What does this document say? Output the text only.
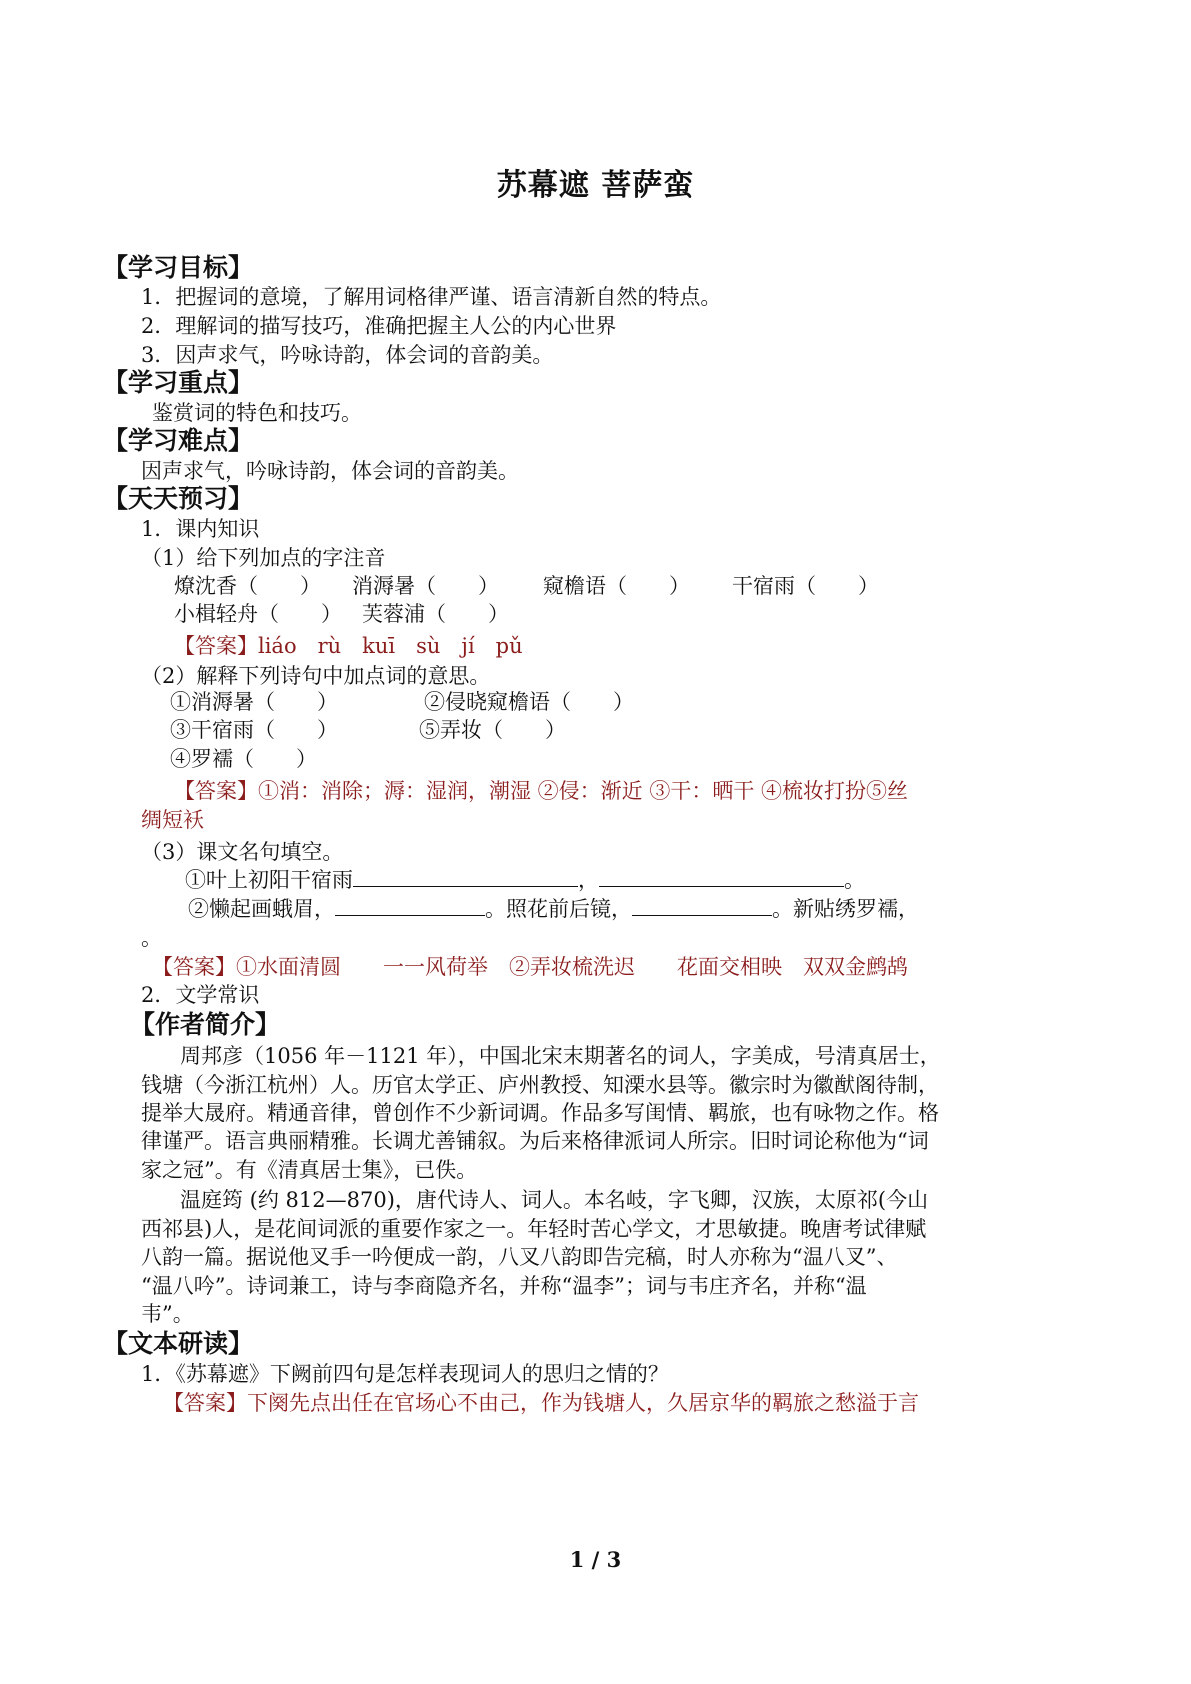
苏幕遮 菩萨蛮
【学习目标】
1．把握词的意境，了解用词格律严谨、语言清新自然的特点。
2．理解词的描写技巧，准确把握主人公的内心世界
3．因声求气，吟咏诗韵，体会词的音韵美。
【学习重点】
鉴赏词的特色和技巧。
【学习难点】
因声求气，吟咏诗韵，体会词的音韵美。
【天天预习】
1．课内知识
（1）给下列加点的字注音
燎沈香（　　） 消溽暑（　　） 窥檐语（　　） 干宿雨（　　）
小楫轻舟（　　） 芙蓉浦（　　）
【答案】liáo　rù　kuī　sù　jí　pǔ
（2）解释下列诗句中加点词的意思。
①消溽暑（　　）	②侵晓窥檐语（　　）
③干宿雨（　　）	⑤弄妆（　　）
④罗襦（　　）
【答案】①消：消除；溽：湿润，潮湿 ②侵：渐近 ③干：晒干 ④梳妆打扮⑤丝
绸短袄
（3）课文名句填空。
①叶上初阳干宿雨	，	。
②懒起画蛾眉，	。照花前后镜，	。新贴绣罗襦，
。
【答案】①水面清圆　　一一风荷举　②弄妆梳洗迟　　花面交相映　双双金鹧鸪
2．文学常识
【作者简介】
周邦彦（1056 年－1121 年），中国北宋末期著名的词人，字美成，号清真居士，
钱塘（今浙江杭州）人。历官太学正、庐州教授、知溧水县等。徽宗时为徽猷阁待制，
提举大晟府。精通音律，曾创作不少新词调。作品多写闺情、羁旅，也有咏物之作。格
律谨严。语言典丽精雅。长调尤善铺叙。为后来格律派词人所宗。旧时词论称他为“词
家之冠”。有《清真居士集》，已佚。
温庭筠 (约 812—870)，唐代诗人、词人。本名岐，字飞卿，汉族，太原祁(今山
西祁县)人，是花间词派的重要作家之一。年轻时苦心学文，才思敏捷。晚唐考试律赋
八韵一篇。据说他叉手一吟便成一韵，八叉八韵即告完稿，时人亦称为“温八叉”、
“温八吟”。诗词兼工，诗与李商隐齐名，并称“温李”；词与韦庄齐名，并称“温
韦”。
【文本研读】
1．《苏幕遮》下阙前四句是怎样表现词人的思归之情的？
【答案】下阕先点出任在官场心不由己，作为钱塘人，久居京华的羁旅之愁溢于言
1 / 3
